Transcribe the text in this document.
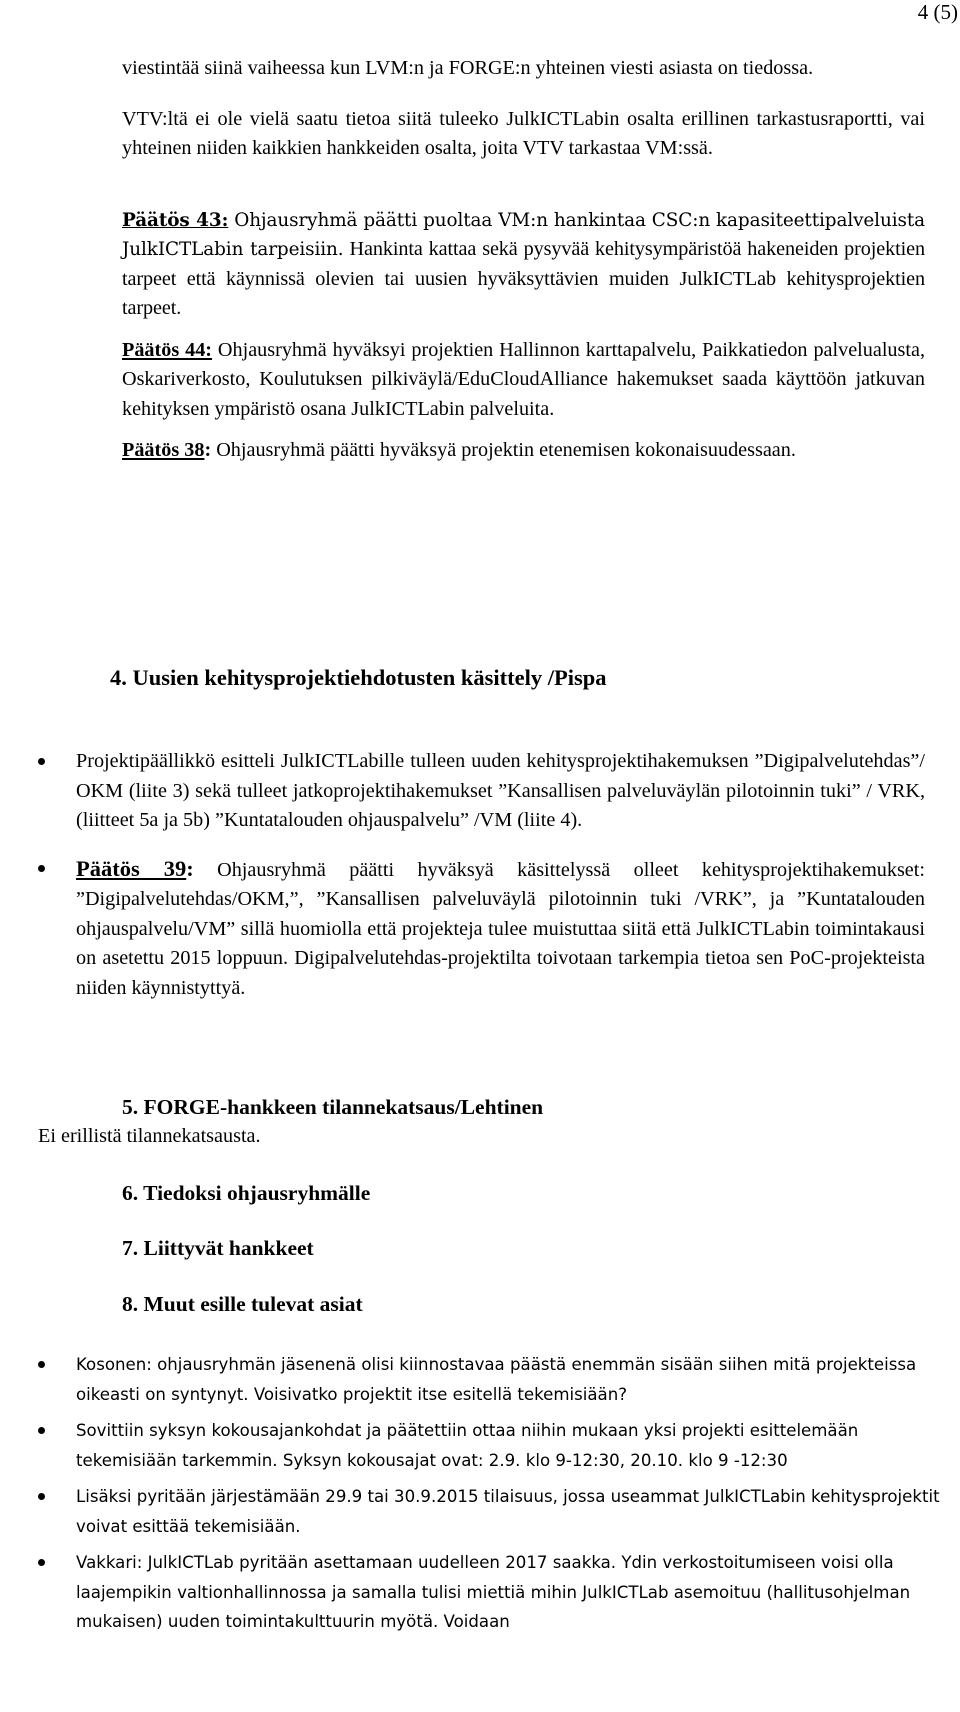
4 (5)

viestintää siinä vaiheessa kun LVM:n ja FORGE:n yhteinen viesti asiasta on tiedossa.

VTV:ltä ei ole vielä saatu tietoa siitä tuleeko JulkICTLabin osalta erillinen tarkastusraportti, vai yhteinen niiden kaikkien hankkeiden osalta, joita VTV tarkastaa VM:ssä.

Päätös 43: Ohjausryhmä päätti puoltaa VM:n hankintaa CSC:n kapasiteettipalveluista JulkICTLabin tarpeisiin. Hankinta kattaa sekä pysyvää kehitysympäristöä hakeneiden projektien tarpeet että käynnissä olevien tai uusien hyväksyttävien muiden JulkICTLab kehitysprojektien tarpeet.

Päätös 44: Ohjausryhmä hyväksyi projektien Hallinnon karttapalvelu, Paikkatiedon palvelualusta, Oskariverkosto, Koulutuksen pilkiväylä/EduCloudAlliance hakemukset saada käyttöön jatkuvan kehityksen ympäristö osana JulkICTLabin palveluita.

Päätös 38: Ohjausryhmä päätti hyväksyä projektin etenemisen kokonaisuudessaan.

4. Uusien kehitysprojektiehdotusten käsittely /Pispa

Projektipäällikkö esitteli JulkICTLabille tulleen uuden kehitysprojektihakemuksen ”Digipalvelutehdas”/ OKM (liite 3) sekä tulleet jatkoprojektihakemukset ”Kansallisen palveluväylän pilotoinnin tuki” / VRK, (liitteet 5a ja 5b) ”Kuntatalouden ohjauspalvelu” /VM (liite 4).

Päätös 39: Ohjausryhmä päätti hyväksyä käsittelyssä olleet kehitysprojektihakemukset: ”Digipalvelutehdas/OKM,”, ”Kansallisen palveluväylä pilotoinnin tuki /VRK”, ja ”Kuntatalouden ohjauspalvelu/VM” sillä huomiolla että projekteja tulee muistuttaa siitä että JulkICTLabin toimintakausi on asetettu 2015 loppuun. Digipalvelutehdas-projektilta toivotaan tarkempia tietoa sen PoC-projekteista niiden käynnistyttyä.

5. FORGE-hankkeen tilannekatsaus/Lehtinen

Ei erillistä tilannekatsausta.

6. Tiedoksi ohjausryhmälle
7. Liittyvät hankkeet
8. Muut esille tulevat asiat

Kosonen: ohjausryhmän jäsenenä olisi kiinnostavaa päästä enemmän sisään siihen mitä projekteissa oikeasti on syntynyt. Voisivatko projektit itse esitellä tekemisiään?

Sovittiin syksyn kokousajankohdat ja päätettiin ottaa niihin mukaan yksi projekti esittelemään tekemisiään tarkemmin. Syksyn kokousajat ovat: 2.9. klo 9-12:30, 20.10. klo 9 -12:30

Lisäksi pyritään järjestämään 29.9 tai 30.9.2015 tilaisuus, jossa useammat JulkICTLabin kehitysprojektit voivat esittää tekemisiään.

Vakkari: JulkICTLab pyritään asettamaan uudelleen 2017 saakka. Ydin verkostoitumiseen voisi olla laajempikin valtionhallinnossa ja samalla tulisi miettiä mihin JulkICTLab asemoituu (hallitusohjelman mukaisen) uuden toimintakulttuurin myötä. Voidaan
